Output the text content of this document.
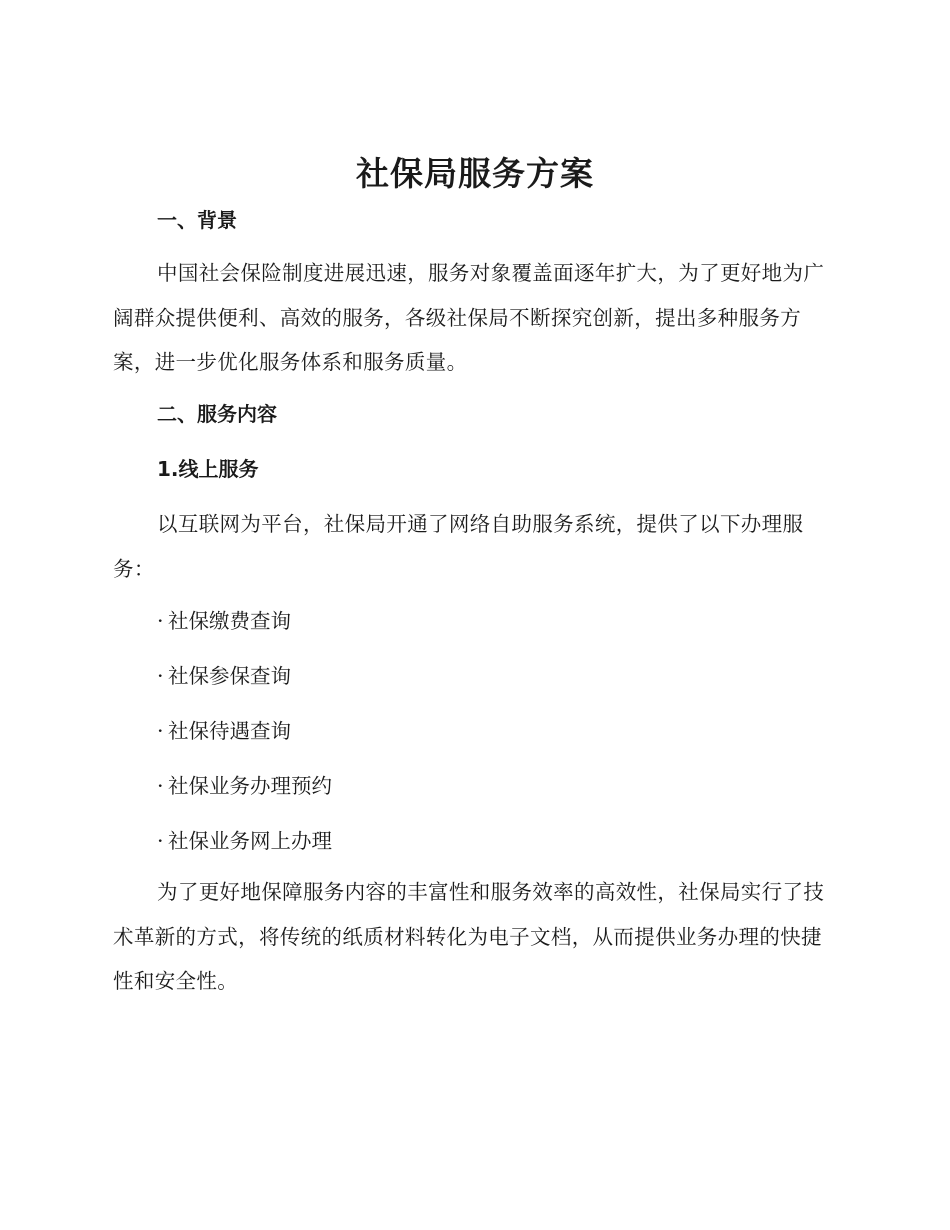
社保局服务方案
一、背景

中国社会保险制度进展迅速，服务对象覆盖面逐年扩大，为了更好地为广阔群众提供便利、高效的服务，各级社保局不断探究创新，提出多种服务方案，进一步优化服务体系和服务质量。

二、服务内容
1.线上服务

以互联网为平台，社保局开通了网络自助服务系统，提供了以下办理服务：

· 社保缴费查询

· 社保参保查询

· 社保待遇查询

· 社保业务办理预约

· 社保业务网上办理

为了更好地保障服务内容的丰富性和服务效率的高效性，社保局实行了技术革新的方式，将传统的纸质材料转化为电子文档，从而提供业务办理的快捷性和安全性。
